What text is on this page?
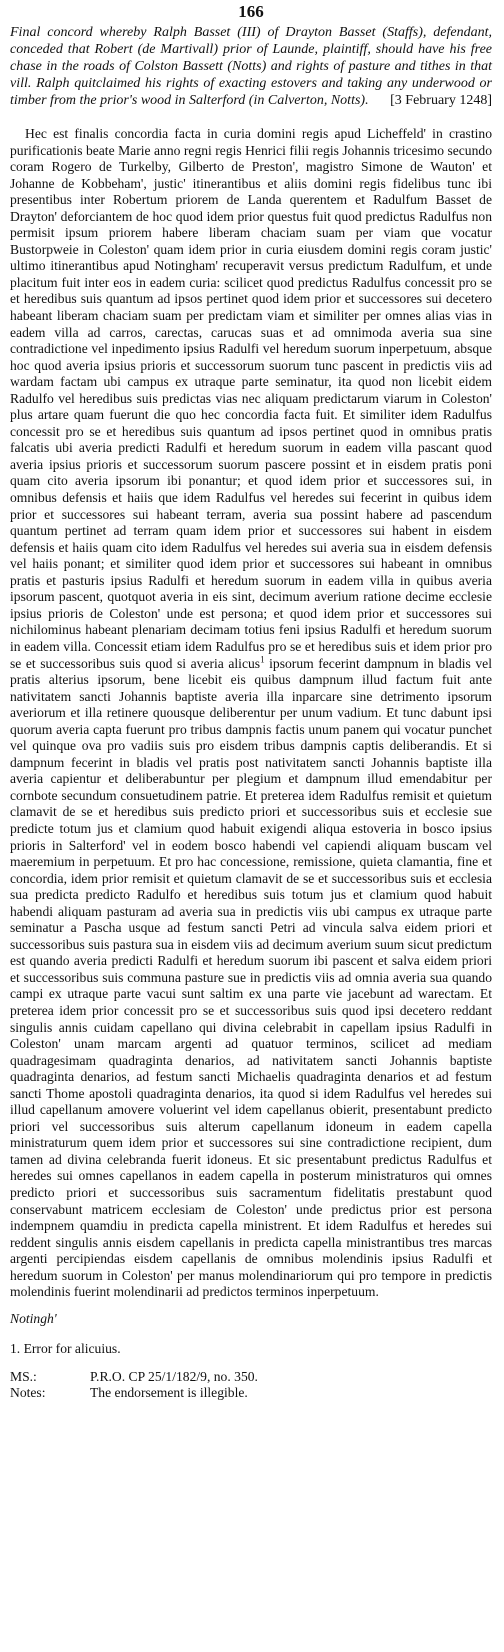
166

Final concord whereby Ralph Basset (III) of Drayton Basset (Staffs), defendant, conceded that Robert (de Martivall) prior of Launde, plaintiff, should have his free chase in the roads of Colston Bassett (Notts) and rights of pasture and tithes in that vill. Ralph quitclaimed his rights of exacting estovers and taking any underwood or timber from the prior's wood in Salterford (in Calverton, Notts). [3 February 1248]

Hec est finalis concordia facta in curia domini regis apud Licheffeld' in crastino purificationis beate Marie anno regni regis Henrici filii regis Johannis tricesimo secundo coram Rogero de Turkelby, Gilberto de Preston', magistro Simone de Wauton' et Johanne de Kobbeham', justic' itinerantibus et aliis domini regis fidelibus tunc ibi presentibus inter Robertum priorem de Landa querentem et Radulfum Basset de Drayton' deforciantem de hoc quod idem prior questus fuit quod predictus Radulfus non permisit ipsum priorem habere liberam chaciam suam per viam que vocatur Bustorpweie in Coleston' quam idem prior in curia eiusdem domini regis coram justic' ultimo itinerantibus apud Notingham' recuperavit versus predictum Radulfum, et unde placitum fuit inter eos in eadem curia: scilicet quod predictus Radulfus concessit pro se et heredibus suis quantum ad ipsos pertinet quod idem prior et successores sui decetero habeant liberam chaciam suam per predictam viam et similiter per omnes alias vias in eadem villa ad carros, carectas, carucas suas et ad omnimoda averia sua sine contradictione vel inpedimento ipsius Radulfi vel heredum suorum inperpetuum, absque hoc quod averia ipsius prioris et successorum suorum tunc pascent in predictis viis ad wardam factam ubi campus ex utraque parte seminatur, ita quod non licebit eidem Radulfo vel heredibus suis predictas vias nec aliquam predictarum viarum in Coleston' plus artare quam fuerunt die quo hec concordia facta fuit. Et similiter idem Radulfus concessit pro se et heredibus suis quantum ad ipsos pertinet quod in omnibus pratis falcatis ubi averia predicti Radulfi et heredum suorum in eadem villa pascant quod averia ipsius prioris et successorum suorum pascere possint et in eisdem pratis poni quam cito averia ipsorum ibi ponantur; et quod idem prior et successores sui, in omnibus defensis et haiis que idem Radulfus vel heredes sui fecerint in quibus idem prior et successores sui habeant terram, averia sua possint habere ad pascendum quantum pertinet ad terram quam idem prior et successores sui habent in eisdem defensis et haiis quam cito idem Radulfus vel heredes sui averia sua in eisdem defensis vel haiis ponant; et similiter quod idem prior et successores sui habeant in omnibus pratis et pasturis ipsius Radulfi et heredum suorum in eadem villa in quibus averia ipsorum pascent, quotquot averia in eis sint, decimum averium ratione decime ecclesie ipsius prioris de Coleston' unde est persona; et quod idem prior et successores sui nichilominus habeant plenariam decimam totius feni ipsius Radulfi et heredum suorum in eadem villa. Concessit etiam idem Radulfus pro se et heredibus suis et idem prior pro se et successoribus suis quod si averia alicus$^1$ ipsorum fecerint dampnum in bladis vel pratis alterius ipsorum, bene licebit eis quibus dampnum illud factum fuit ante nativitatem sancti Johannis baptiste averia illa inparcare sine detrimento ipsorum averiorum et illa retinere quousque deliberentur per unum vadium. Et tunc dabunt ipsi quorum averia capta fuerunt pro tribus dampnis factis unum panem qui vocatur punchet vel quinque ova pro vadiis suis pro eisdem tribus dampnis captis deliberandis. Et si dampnum fecerint in bladis vel pratis post nativitatem sancti Johannis baptiste illa averia capientur et deliberabuntur per plegium et dampnum illud emendabitur per cornbote secundum consuetudinem patrie. Et preterea idem Radulfus remisit et quietum clamavit de se et heredibus suis predicto priori et successoribus suis et ecclesie sue predicte totum jus et clamium quod habuit exigendi aliqua estoveria in bosco ipsius prioris in Salterford' vel in eodem bosco habendi vel capiendi aliquam buscam vel maeremium in perpetuum. Et pro hac concessione, remissione, quieta clamantia, fine et concordia, idem prior remisit et quietum clamavit de se et successoribus suis et ecclesia sua predicta predicto Radulfo et heredibus suis totum jus et clamium quod habuit habendi aliquam pasturam ad averia sua in predictis viis ubi campus ex utraque parte seminatur a Pascha usque ad festum sancti Petri ad vincula salva eidem priori et successoribus suis pastura sua in eisdem viis ad decimum averium suum sicut predictum est quando averia predicti Radulfi et heredum suorum ibi pascent et salva eidem priori et successoribus suis communa pasture sue in predictis viis ad omnia averia sua quando campi ex utraque parte vacui sunt saltim ex una parte vie jacebunt ad warectam. Et preterea idem prior concessit pro se et successoribus suis quod ipsi decetero reddant singulis annis cuidam capellano qui divina celebrabit in capellam ipsius Radulfi in Coleston' unam marcam argenti ad quatuor terminos, scilicet ad mediam quadragesimam quadraginta denarios, ad nativitatem sancti Johannis baptiste quadraginta denarios, ad festum sancti Michaelis quadraginta denarios et ad festum sancti Thome apostoli quadraginta denarios, ita quod si idem Radulfus vel heredes sui illud capellanum amovere voluerint vel idem capellanus obierit, presentabunt predicto priori vel successoribus suis alterum capellanum idoneum in eadem capella ministraturum quem idem prior et successores sui sine contradictione recipient, dum tamen ad divina celebranda fuerit idoneus. Et sic presentabunt predictus Radulfus et heredes sui omnes capellanos in eadem capella in posterum ministraturos qui omnes predicto priori et successoribus suis sacramentum fidelitatis prestabunt quod conservabunt matricem ecclesiam de Coleston' unde predictus prior est persona indempnem quamdiu in predicta capella ministrent. Et idem Radulfus et heredes sui reddent singulis annis eisdem capellanis in predicta capella ministrantibus tres marcas argenti percipiendas eisdem capellanis de omnibus molendinis ipsius Radulfi et heredum suorum in Coleston' per manus molendinariorum qui pro tempore in predictis molendinis fuerint molendinarii ad predictos terminos inperpetuum.
Notingh'
1. Error for alicuius.
MS.:	P.R.O. CP 25/1/182/9, no. 350.
Notes:	The endorsement is illegible.
